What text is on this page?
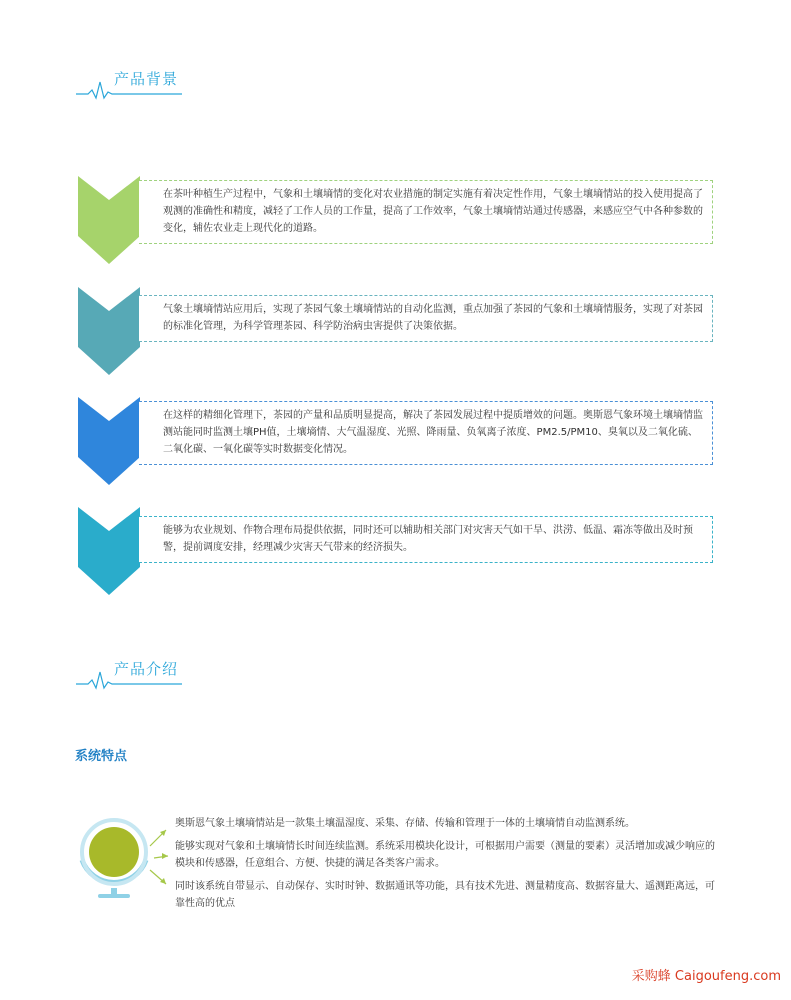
产品背景
在茶叶种植生产过程中，气象和土壤墒情的变化对农业措施的制定实施有着决定性作用，气象土壤墒情站的投入使用提高了观测的准确性和精度，减轻了工作人员的工作量，提高了工作效率，气象土壤墒情站通过传感器，来感应空气中各种参数的变化，辅佐农业走上现代化的道路。
气象土壤墒情站应用后，实现了茶园气象土壤墒情站的自动化监测，重点加强了茶园的气象和土壤墒情服务，实现了对茶园的标准化管理，为科学管理茶园、科学防治病虫害提供了决策依据。
在这样的精细化管理下，茶园的产量和品质明显提高，解决了茶园发展过程中提质增效的问题。奥斯恩气象环境土壤墒情监测站能同时监测土壤PH值，土壤墒情、大气温湿度、光照、降雨量、负氧离子浓度、PM2.5/PM10、臭氧以及二氧化硫、二氧化碳、一氧化碳等实时数据变化情况。
能够为农业规划、作物合理布局提供依据，同时还可以辅助相关部门对灾害天气如干旱、洪涝、低温、霜冻等做出及时预警，提前调度安排，经理减少灾害天气带来的经济损失。
产品介绍
系统特点

奥斯恩气象土壤墒情站是一款集土壤温湿度、采集、存储、传输和管理于一体的土壤墒情自动监测系统。

能够实现对气象和土壤墒情长时间连续监测。系统采用模块化设计，可根据用户需要（测量的要素）灵活增加或减少响应的模块和传感器，任意组合、方便、快捷的满足各类客户需求。

同时该系统自带显示、自动保存、实时时钟、数据通讯等功能，具有技术先进、测量精度高、数据容量大、遥测距离远，可靠性高的优点

采购蜂 Caigoufeng.com
